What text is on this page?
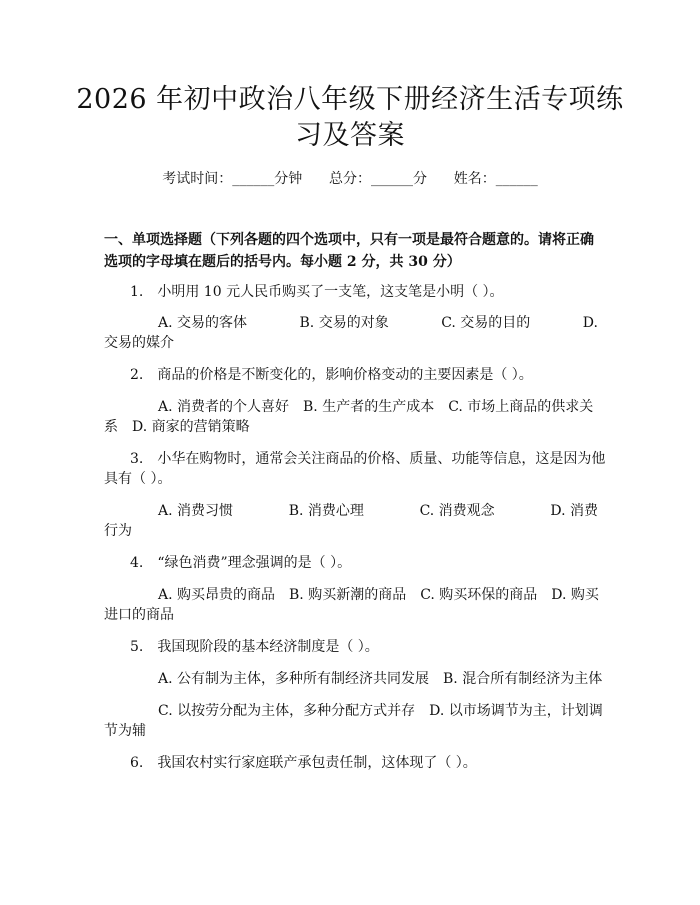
2026 年初中政治八年级下册经济生活专项练
习及答案
考试时间：______分钟 总分：______分 姓名：______
一、单项选择题（下列各题的四个选项中，只有一项是最符合题意的。请将正确
选项的字母填在题后的括号内。每小题 2 分，共 30 分）
1.　小明用 10 元人民币购买了一支笔，这支笔是小明（ ）。
A. 交易的客体	B. 交易的对象	C. 交易的目的	D.
交易的媒介
2.　商品的价格是不断变化的，影响价格变动的主要因素是（ ）。
A. 消费者的个人喜好　B. 生产者的生产成本　C. 市场上商品的供求关
系　D. 商家的营销策略
3.　小华在购物时，通常会关注商品的价格、质量、功能等信息，这是因为他
具有（ ）。
A. 消费习惯	B. 消费心理	C. 消费观念	D. 消费
行为
4.　“绿色消费”理念强调的是（ ）。
A. 购买昂贵的商品　B. 购买新潮的商品　C. 购买环保的商品　D. 购买
进口的商品
5.　我国现阶段的基本经济制度是（ ）。
A. 公有制为主体，多种所有制经济共同发展　B. 混合所有制经济为主体
C. 以按劳分配为主体，多种分配方式并存　D. 以市场调节为主，计划调
节为辅
6.　我国农村实行家庭联产承包责任制，这体现了（ ）。
